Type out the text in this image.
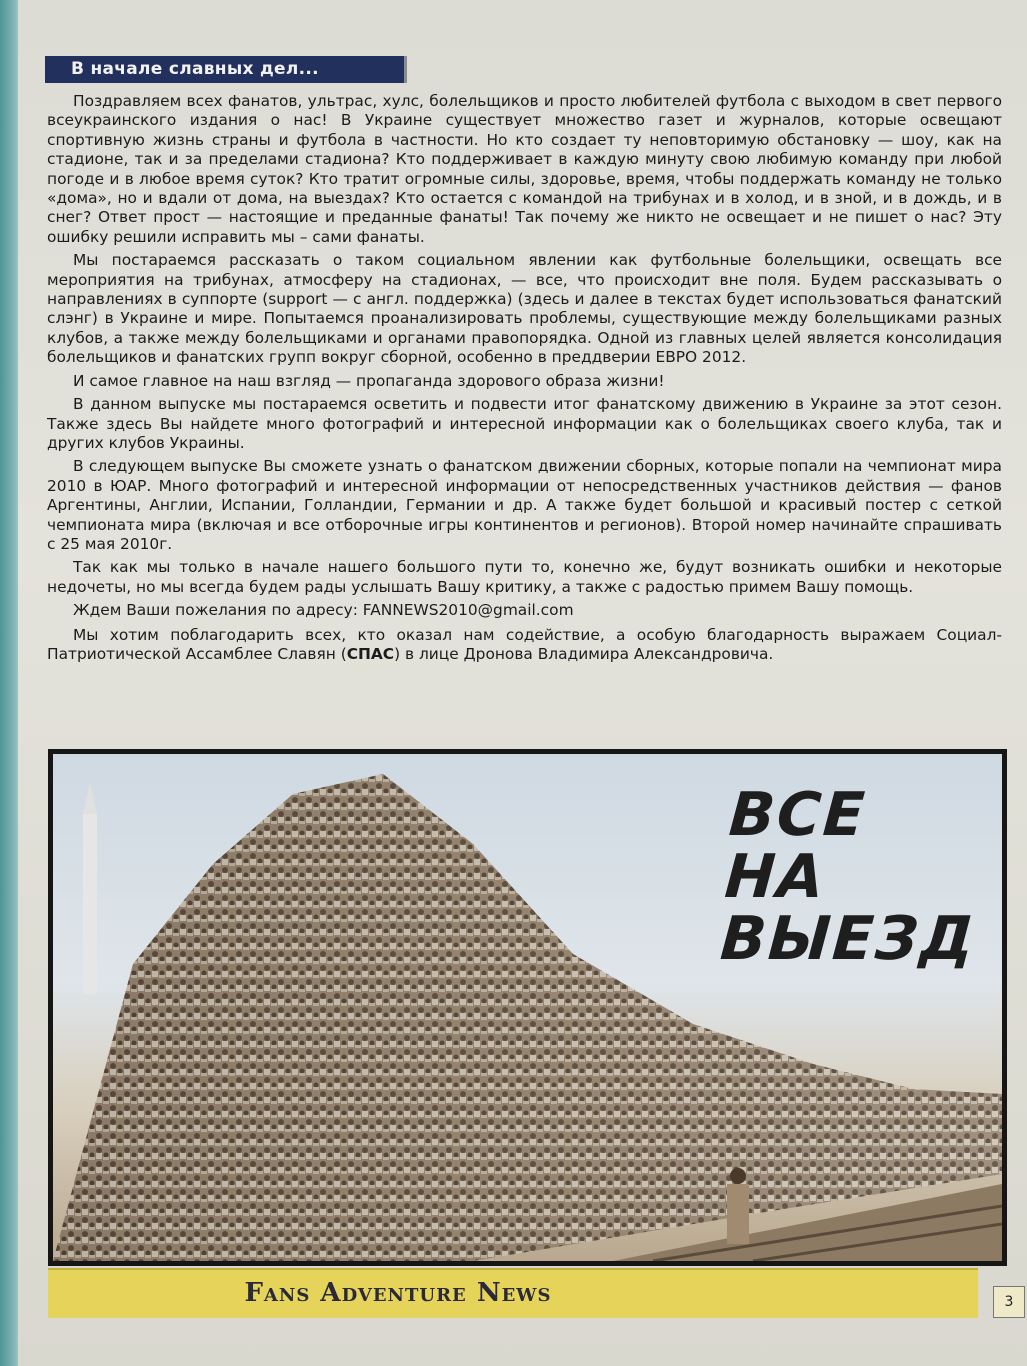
В начале славных дел...

Поздравляем всех фанатов, ультрас, хулс, болельщиков и просто любителей футбола с выходом в свет первого всеукраинского издания о нас! В Украине существует множество газет и журналов, которые освещают спортивную жизнь страны и футбола в частности. Но кто создает ту неповторимую обстановку — шоу, как на стадионе, так и за пределами стадиона? Кто поддерживает в каждую минуту свою любимую команду при любой погоде и в любое время суток? Кто тратит огромные силы, здоровье, время, чтобы поддержать команду не только «дома», но и вдали от дома, на выездах? Кто остается с командой на трибунах и в холод, и в зной, и в дождь, и в снег? Ответ прост — настоящие и преданные фанаты! Так почему же никто не освещает и не пишет о нас? Эту ошибку решили исправить мы – сами фанаты.

Мы постараемся рассказать о таком социальном явлении как футбольные болельщики, освещать все мероприятия на трибунах, атмосферу на стадионах, — все, что происходит вне поля. Будем рассказывать о направлениях в суппорте (support — с англ. поддержка) (здесь и далее в текстах будет использоваться фанатский слэнг) в Украине и мире. Попытаемся проанализировать проблемы, существующие между болельщиками разных клубов, а также между болельщиками и органами правопорядка. Одной из главных целей является консолидация болельщиков и фанатских групп вокруг сборной, особенно в преддверии ЕВРО 2012.

И самое главное на наш взгляд — пропаганда здорового образа жизни!

В данном выпуске мы постараемся осветить и подвести итог фанатскому движению в Украине за этот сезон. Также здесь Вы найдете много фотографий и интересной информации как о болельщиках своего клуба, так и других клубов Украины.

В следующем выпуске Вы сможете узнать о фанатском движении сборных, которые попали на чемпионат мира 2010 в ЮАР. Много фотографий и интересной информации от непосредственных участников действия — фанов Аргентины, Англии, Испании, Голландии, Германии и др. А также будет большой и красивый постер с сеткой чемпионата мира (включая и все отборочные игры континентов и регионов). Второй номер начинайте спрашивать с 25 мая 2010г.

Так как мы только в начале нашего большого пути то, конечно же, будут возникать ошибки и некоторые недочеты, но мы всегда будем рады услышать Вашу критику, а также с радостью примем Вашу помощь.

Ждем Ваши пожелания по адресу: FANNEWS2010@gmail.com

Мы хотим поблагодарить всех, кто оказал нам содействие, а особую благодарность выражаем Социал-Патриотической Ассамблее Славян (СПАС) в лице Дронова Владимира Александровича.

ВСЕ НА
ВЫЕЗД
Fans Adventure News	3
